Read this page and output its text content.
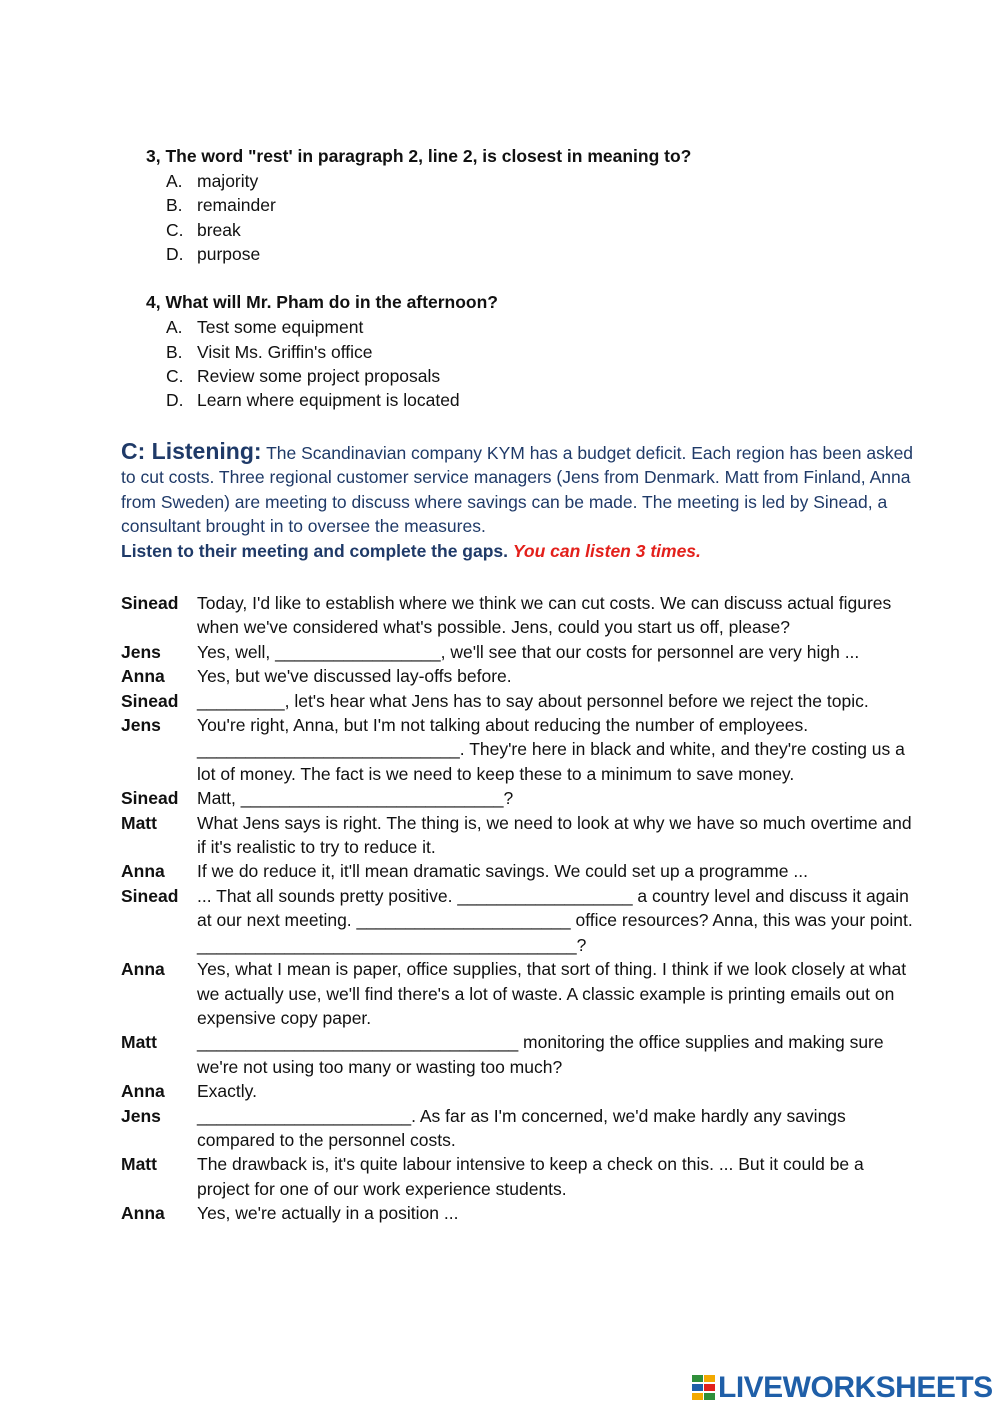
3, The word "rest' in paragraph 2, line 2, is closest in meaning to?
A. majority
B. remainder
C. break
D. purpose
4, What will Mr. Pham do in the afternoon?
A. Test some equipment
B. Visit Ms. Griffin's office
C. Review some project proposals
D. Learn where equipment is located
C: Listening: The Scandinavian company KYM has a budget deficit. Each region has been asked to cut costs. Three regional customer service managers (Jens from Denmark. Matt from Finland, Anna from Sweden) are meeting to discuss where savings can be made. The meeting is led by Sinead, a consultant brought in to oversee the measures.
Listen to their meeting and complete the gaps. You can listen 3 times.
Sinead	Today, I'd like to establish where we think we can cut costs. We can discuss actual figures when we've considered what's possible. Jens, could you start us off, please?
Jens	Yes, well, _________________, we'll see that our costs for personnel are very high ...
Anna	Yes, but we've discussed lay-offs before.
Sinead	_________, let's hear what Jens has to say about personnel before we reject the topic.
Jens	You're right, Anna, but I'm not talking about reducing the number of employees. ___________________________. They're here in black and white, and they're costing us a lot of money. The fact is we need to keep these to a minimum to save money.
Sinead	Matt, ___________________________?
Matt	What Jens says is right. The thing is, we need to look at why we have so much overtime and if it's realistic to try to reduce it.
Anna	If we do reduce it, it'll mean dramatic savings. We could set up a programme ...
Sinead	... That all sounds pretty positive. __________________ a country level and discuss it again at our next meeting. ______________________ office resources? Anna, this was your point. _______________________________________?
Anna	Yes, what I mean is paper, office supplies, that sort of thing. I think if we look closely at what we actually use, we'll find there's a lot of waste. A classic example is printing emails out on expensive copy paper.
Matt	_________________________________ monitoring the office supplies and making sure we're not using too many or wasting too much?
Anna	Exactly.
Jens	______________________. As far as I'm concerned, we'd make hardly any savings compared to the personnel costs.
Matt	The drawback is, it's quite labour intensive to keep a check on this. ... But it could be a project for one of our work experience students.
Anna	Yes, we're actually in a position ...
LIVEWORKSHEETS
